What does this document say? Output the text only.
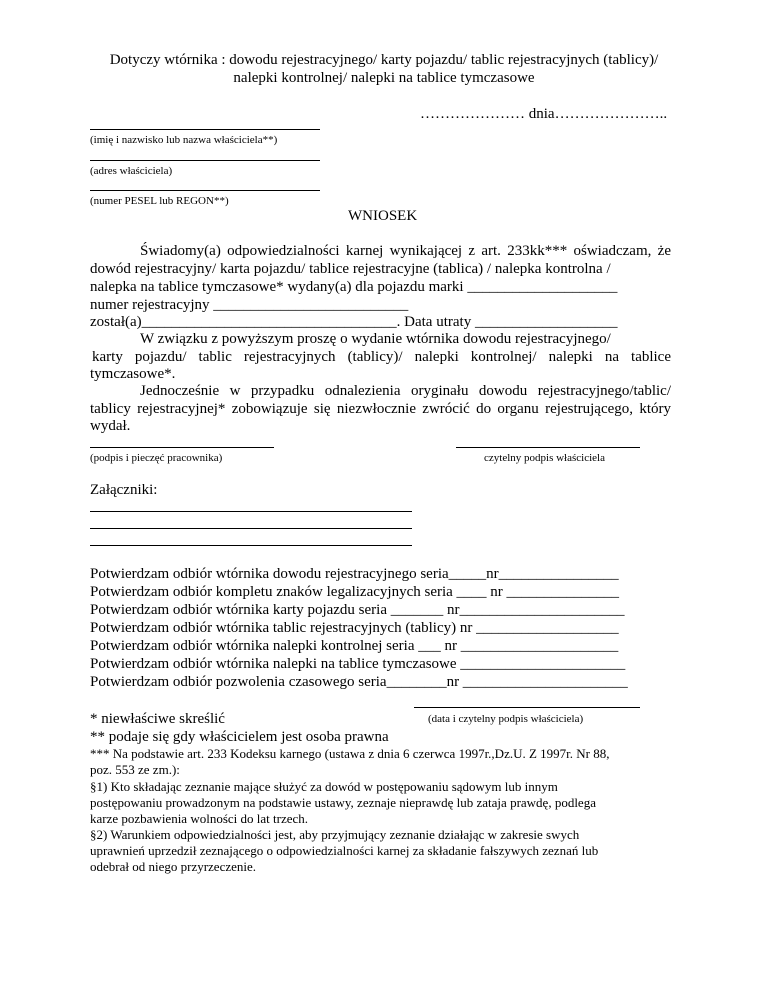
Dotyczy wtórnika : dowodu rejestracyjnego/ karty pojazdu/ tablic rejestracyjnych (tablicy)/
nalepki kontrolnej/ nalepki na tablice tymczasowe
………………… dnia…………………..
(imię i nazwisko lub nazwa właściciela**)
(adres właściciela)
(numer PESEL lub REGON**)
WNIOSEK
Świadomy(a) odpowiedzialności karnej wynikającej z art. 233kk*** oświadczam, że
dowód rejestracyjny/ karta pojazdu/ tablice rejestracyjne (tablica) / nalepka kontrolna /
nalepka na tablice tymczasowe* wydany(a) dla pojazdu marki ____________________
numer rejestracyjny __________________________
został(a)__________________________________. Data utraty ___________________
W związku z powyższym proszę o wydanie wtórnika dowodu rejestracyjnego/
karty pojazdu/ tablic rejestracyjnych (tablicy)/ nalepki kontrolnej/ nalepki na tablice
tymczasowe*.
Jednocześnie w przypadku odnalezienia oryginału dowodu rejestracyjnego/tablic/
tablicy rejestracyjnej* zobowiązuje się niezwłocznie zwrócić do organu rejestrującego, który
wydał.
(podpis i pieczęć pracownika)	czytelny podpis właściciela
Załączniki:
Potwierdzam odbiór wtórnika dowodu rejestracyjnego seria_____nr________________
Potwierdzam odbiór kompletu znaków legalizacyjnych seria ____ nr _______________
Potwierdzam odbiór wtórnika karty pojazdu seria _______ nr______________________
Potwierdzam odbiór wtórnika tablic rejestracyjnych (tablicy) nr ___________________
Potwierdzam odbiór wtórnika nalepki kontrolnej seria ___ nr _____________________
Potwierdzam odbiór wtórnika nalepki na tablice tymczasowe ______________________
Potwierdzam odbiór pozwolenia czasowego seria________nr ______________________
(data i czytelny podpis właściciela)
* niewłaściwe skreślić
** podaje się gdy właścicielem jest osoba prawna
*** Na podstawie art. 233 Kodeksu karnego (ustawa z dnia 6 czerwca 1997r.,Dz.U. Z 1997r. Nr 88,
poz. 553 ze zm.):
§1) Kto składając zeznanie mające służyć za dowód w postępowaniu sądowym lub innym
postępowaniu prowadzonym na podstawie ustawy, zeznaje nieprawdę lub zataja prawdę, podlega
karze pozbawienia wolności do lat trzech.
§2) Warunkiem odpowiedzialności jest, aby przyjmujący zeznanie działając w zakresie swych
uprawnień uprzedził zeznającego o odpowiedzialności karnej za składanie fałszywych zeznań lub
odebrał od niego przyrzeczenie.
